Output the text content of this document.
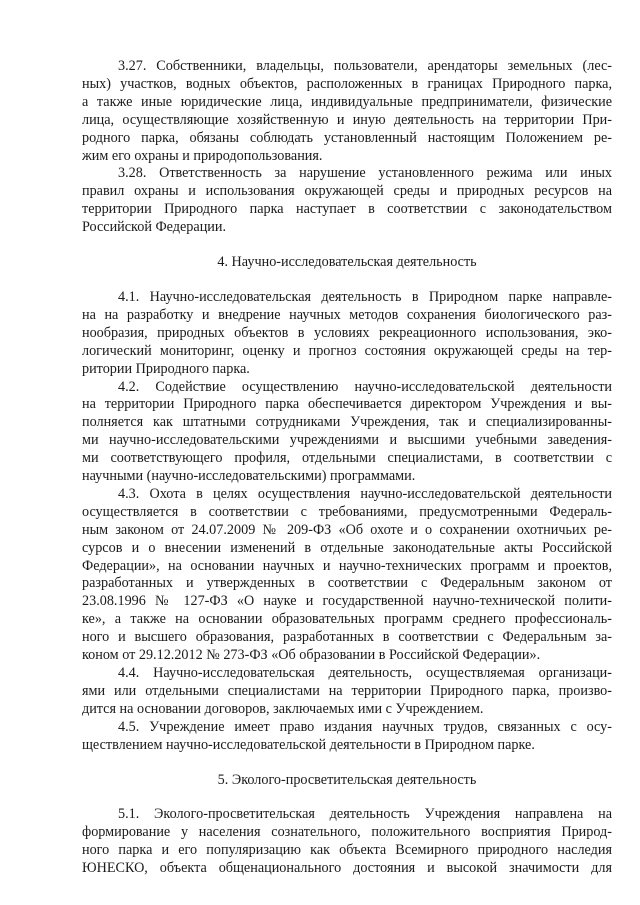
3.27. Собственники, владельцы, пользователи, арендаторы земельных (лес-
ных) участков, водных объектов, расположенных в границах Природного парка,
а также иные юридические лица, индивидуальные предприниматели, физические
лица, осуществляющие хозяйственную и иную деятельность на территории При-
родного парка, обязаны соблюдать установленный настоящим Положением ре-
жим его охраны и природопользования.
3.28. Ответственность за нарушение установленного режима или иных
правил охраны и использования окружающей среды и природных ресурсов на
территории Природного парка наступает в соответствии с законодательством
Российской Федерации.
4. Научно-исследовательская деятельность
4.1. Научно-исследовательская деятельность в Природном парке направле-
на на разработку и внедрение научных методов сохранения биологического раз-
нообразия, природных объектов в условиях рекреационного использования, эко-
логический мониторинг, оценку и прогноз состояния окружающей среды на тер-
ритории Природного парка.
4.2. Содействие осуществлению научно-исследовательской деятельности
на территории Природного парка обеспечивается директором Учреждения и вы-
полняется как штатными сотрудниками Учреждения, так и специализированны-
ми научно-исследовательскими учреждениями и высшими учебными заведения-
ми соответствующего профиля, отдельными специалистами, в соответствии с
научными (научно-исследовательскими) программами.
4.3. Охота в целях осуществления научно-исследовательской деятельности
осуществляется в соответствии с требованиями, предусмотренными Федераль-
ным законом от 24.07.2009 № 209-ФЗ «Об охоте и о сохранении охотничьих ре-
сурсов и о внесении изменений в отдельные законодательные акты Российской
Федерации», на основании научных и научно-технических программ и проектов,
разработанных и утвержденных в соответствии с Федеральным законом от
23.08.1996 № 127-ФЗ «О науке и государственной научно-технической полити-
ке», а также на основании образовательных программ среднего профессиональ-
ного и высшего образования, разработанных в соответствии с Федеральным за-
коном от 29.12.2012 № 273-ФЗ «Об образовании в Российской Федерации».
4.4. Научно-исследовательская деятельность, осуществляемая организаци-
ями или отдельными специалистами на территории Природного парка, произво-
дится на основании договоров, заключаемых ими с Учреждением.
4.5. Учреждение имеет право издания научных трудов, связанных с осу-
ществлением научно-исследовательской деятельности в Природном парке.
5. Эколого-просветительская деятельность
5.1. Эколого-просветительская деятельность Учреждения направлена на
формирование у населения сознательного, положительного восприятия Природ-
ного парка и его популяризацию как объекта Всемирного природного наследия
ЮНЕСКО, объекта общенационального достояния и высокой значимости для
